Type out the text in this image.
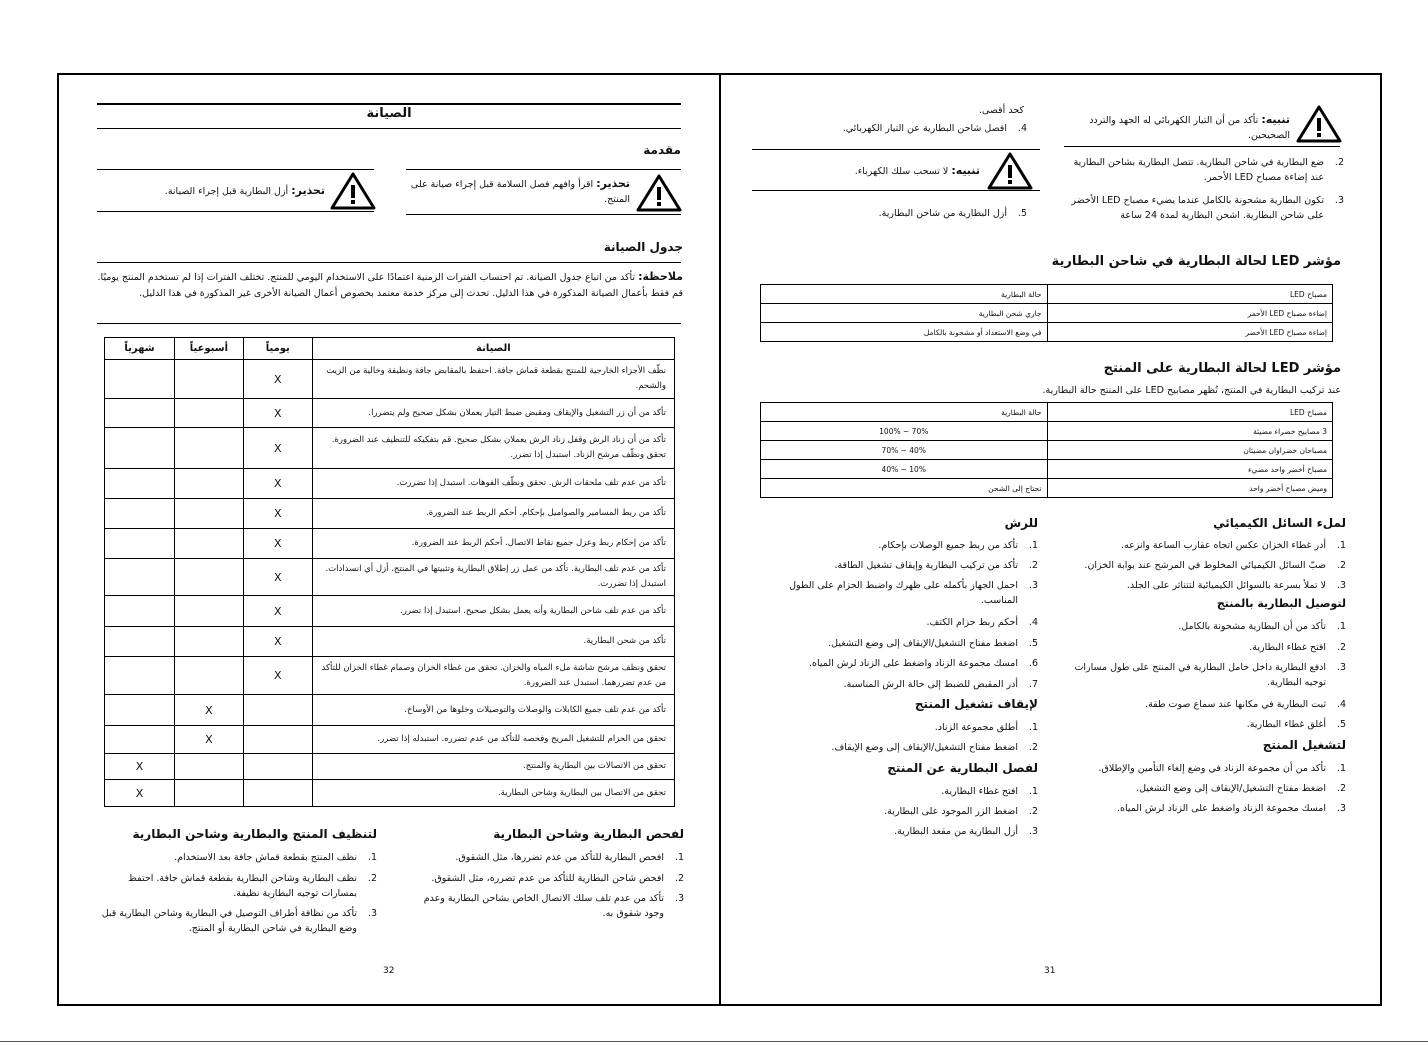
الصيانة
مقدمة
تحذير: اقرأ وافهم فصل السلامة قبل إجراء صيانة على المنتج.
تحذير: أزل البطارية قبل إجراء الصيانة.
جدول الصيانة
ملاحظة: تأكد من اتباع جدول الصيانة. تم احتساب الفترات الزمنية اعتمادًا على الاستخدام اليومي للمنتج. تختلف الفترات إذا لم تستخدم المنتج يوميًا. قم فقط بأعمال الصيانة المذكورة في هذا الدليل. تحدث إلى مركز خدمة معتمد بخصوص أعمال الصيانة الأخرى غير المذكورة في هذا الدليل.
الصيانة	يومياً	أسبوعياً	شهرياً
نظّف الأجزاء الخارجية للمنتج بقطعة قماش جافة. احتفظ بالمقابض جافة ونظيفة وخالية من الزيت والشحم.	X		
تأكد من أن زر التشغيل والإيقاف ومقبض ضبط التيار يعملان بشكل صحيح ولم يتضررا.	X		
تأكد من أن زناد الرش وقفل زناد الرش يعملان بشكل صحيح. قم بتفكيكه للتنظيف عند الضرورة. تحقق ونظّف مرشح الزناد. استبدل إذا تضرر.	X		
تأكد من عدم تلف ملحقات الرش. تحقق ونظّف الفوهات. استبدل إذا تضررت.	X		
تأكد من ربط المسامير والصواميل بإحكام. أحكم الربط عند الضرورة.	X		
تأكد من إحكام ربط وعزل جميع نقاط الاتصال. أحكم الربط عند الضرورة.	X		
تأكد من عدم تلف البطارية. تأكد من عمل زر إطلاق البطارية وتثبيتها في المنتج. أزل أي انسدادات. استبدل إذا تضررت.	X		
تأكد من عدم تلف شاحن البطارية وأنه يعمل بشكل صحيح. استبدل إذا تضرر.	X		
تأكد من شحن البطارية.	X		
تحقق ونظف مرشح شاشة ملء المياه والخزان. تحقق من غطاء الخزان وصمام غطاء الخزان للتأكد من عدم تضررهما. استبدل عند الضرورة.	X		
تأكد من عدم تلف جميع الكابلات والوصلات والتوصيلات وخلوها من الأوساخ.		X	
تحقق من الحزام للتشغيل المريح وفحصه للتأكد من عدم تضرره. استبدله إذا تضرر.		X	
تحقق من الاتصالات بين البطارية والمنتج.			X
تحقق من الاتصال بين البطارية وشاحن البطارية.			X
لفحص البطارية وشاحن البطارية
1.
افحص البطارية للتأكد من عدم تضررها، مثل الشقوق.
2.
افحص شاحن البطارية للتأكد من عدم تضرره، مثل الشقوق.
3.
تأكد من عدم تلف سلك الاتصال الخاص بشاحن البطارية وعدم وجود شقوق به.
لتنظيف المنتج والبطارية وشاحن البطارية
1.
نظف المنتج بقطعة قماش جافة بعد الاستخدام.
2.
نظف البطارية وشاحن البطارية بقطعة قماش جافة. احتفظ بمسارات توجيه البطارية نظيفة.
3.
تأكد من نظافة أطراف التوصيل في البطارية وشاحن البطارية قبل وضع البطارية في شاحن البطارية أو المنتج.
32
تنبيه: تأكد من أن التيار الكهربائي له الجهد والتردد الصحيحين.
2.
ضع البطارية في شاحن البطارية. تتصل البطارية بشاحن البطارية عند إضاءة مصباح LED الأحمر.
3.
تكون البطارية مشحونة بالكامل عندما يضيء مصباح LED الأخضر على شاحن البطارية. اشحن البطارية لمدة 24 ساعة
كحد أقصى.
4.
افصل شاحن البطارية عن التيار الكهربائي.
تنبيه: لا تسحب سلك الكهرباء.
5.
أزل البطارية من شاحن البطارية.
مؤشر LED لحالة البطارية في شاحن البطارية
مصباح LED	حالة البطارية
إضاءة مصباح LED الأحمر	جاري شحن البطارية
إضاءة مصباح LED الأخضر	في وضع الاستعداد أو مشحونة بالكامل
مؤشر LED لحالة البطارية على المنتج
عند تركيب البطارية في المنتج، تُظهر مصابيح LED على المنتج حالة البطارية.
مصباح LED	حالة البطارية
3 مصابيح خضراء مضيئة	70% ~ 100%
مصباحان خضراوان مضيئان	40% ~ 70%
مصباح أخضر واحد مضيء	10% ~ 40%
وميض مصباح أخضر واحد	تحتاج إلى الشحن
لملء السائل الكيميائي
1.
أدر غطاء الخزان عكس اتجاه عقارب الساعة وانزعه.
2.
صبّ السائل الكيميائي المخلوط في المرشح عند بوابة الخزان.
3.
لا تملأ بسرعة بالسوائل الكيميائية لتتناثر على الجلد.
لتوصيل البطارية بالمنتج
1.
تأكد من أن البطارية مشحونة بالكامل.
2.
افتح غطاء البطارية.
3.
ادفع البطارية داخل حامل البطارية في المنتج على طول مسارات توجيه البطارية.
4.
ثبت البطارية في مكانها عند سماع صوت طقة.
5.
أغلق غطاء البطارية.
لتشغيل المنتج
1.
تأكد من أن مجموعة الزناد في وضع إلغاء التأمين والإطلاق.
2.
اضغط مفتاح التشغيل/الإيقاف إلى وضع التشغيل.
3.
امسك مجموعة الزناد واضغط على الزناد لرش المياه.
للرش
1.
تأكد من ربط جميع الوصلات بإحكام.
2.
تأكد من تركيب البطارية وإيقاف تشغيل الطاقة.
3.
احمل الجهاز بأكمله على ظهرك واضبط الحزام على الطول المناسب.
4.
أحكم ربط حزام الكتف.
5.
اضغط مفتاح التشغيل/الإيقاف إلى وضع التشغيل.
6.
امسك مجموعة الزناد واضغط على الزناد لرش المياه.
7.
أدر المقبض للضبط إلى حالة الرش المناسبة.
لإيقاف تشغيل المنتج
1.
أطلق مجموعة الزناد.
2.
اضغط مفتاح التشغيل/الإيقاف إلى وضع الإيقاف.
لفصل البطارية عن المنتج
1.
افتح غطاء البطارية.
2.
اضغط الزر الموجود على البطارية.
3.
أزل البطارية من مقعد البطارية.
31
